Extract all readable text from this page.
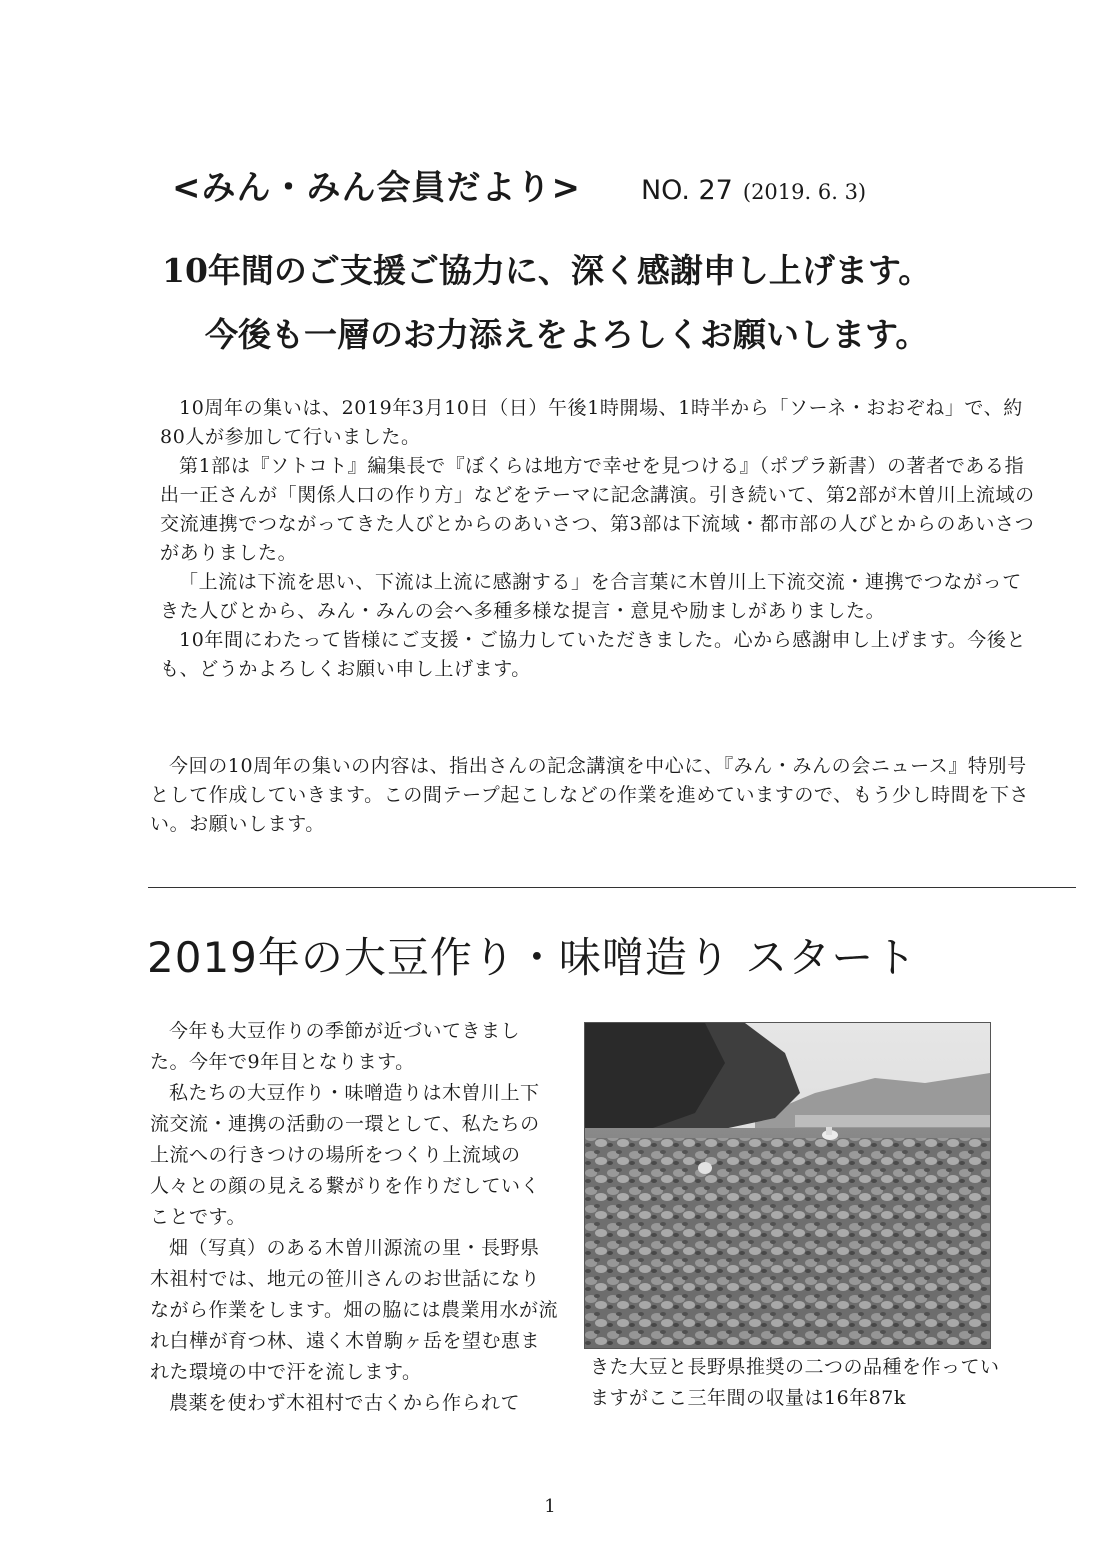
<みん・みん会員だより> NO. 27 (2019. 6. 3)
10年間のご支援ご協力に、深く感謝申し上げます。
今後も一層のお力添えをよろしくお願いします。

10周年の集いは、2019年3月10日（日）午後1時開場、1時半から「ソーネ・おおぞね」で、約80人が参加して行いました。

第1部は『ソトコト』編集長で『ぼくらは地方で幸せを見つける』（ポプラ新書）の著者である指出一正さんが「関係人口の作り方」などをテーマに記念講演。引き続いて、第2部が木曽川上流域の交流連携でつながってきた人びとからのあいさつ、第3部は下流域・都市部の人びとからのあいさつがありました。

「上流は下流を思い、下流は上流に感謝する」を合言葉に木曽川上下流交流・連携でつながってきた人びとから、みん・みんの会へ多種多様な提言・意見や励ましがありました。

10年間にわたって皆様にご支援・ご協力していただきました。心から感謝申し上げます。今後とも、どうかよろしくお願い申し上げます。

今回の10周年の集いの内容は、指出さんの記念講演を中心に、『みん・みんの会ニュース』特別号として作成していきます。この間テープ起こしなどの作業を進めていますので、もう少し時間を下さい。お願いします。

2019年の大豆作り・味噌造り スタート

今年も大豆作りの季節が近づいてきました。今年で9年目となります。

私たちの大豆作り・味噌造りは木曽川上下流交流・連携の活動の一環として、私たちの上流への行きつけの場所をつくり上流域の人々との顔の見える繋がりを作りだしていくことです。

畑（写真）のある木曽川源流の里・長野県木祖村では、地元の笹川さんのお世話になりながら作業をします。畑の脇には農業用水が流れ白樺が育つ林、遠く木曽駒ヶ岳を望む恵まれた環境の中で汗を流します。

農薬を使わず木祖村で古くから作られて

きた大豆と長野県推奨の二つの品種を作っていますがここ三年間の収量は16年87k

1
